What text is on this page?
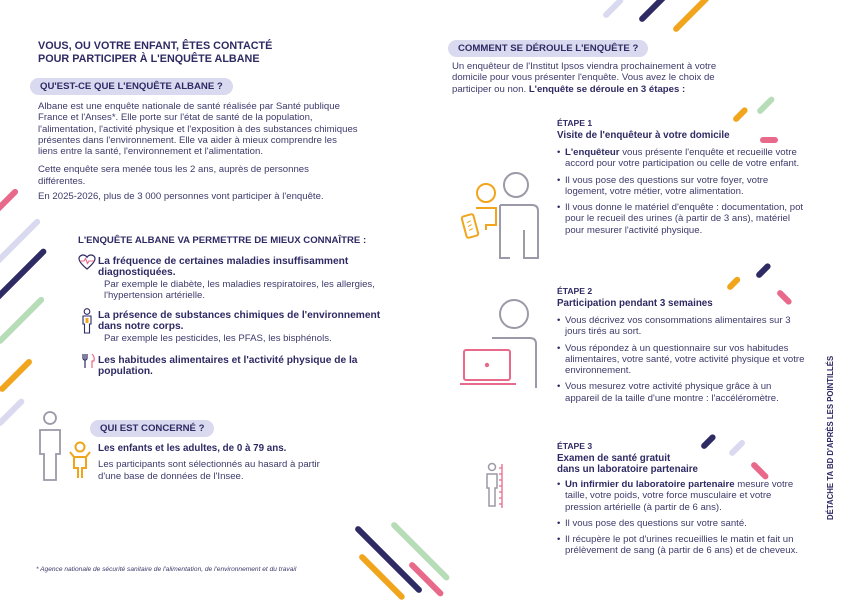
VOUS, OU VOTRE ENFANT, ÊTES CONTACTÉ
POUR PARTICIPER À L'ENQUÊTE ALBANE
QU'EST-CE QUE L'ENQUÊTE ALBANE ?
Albane est une enquête nationale de santé réalisée par Santé publique France et l'Anses*. Elle porte sur l'état de santé de la population, l'alimentation, l'activité physique et l'exposition à des substances chimiques présentes dans l'environnement. Elle va aider à mieux comprendre les liens entre la santé, l'environnement et l'alimentation.
Cette enquête sera menée tous les 2 ans, auprès de personnes différentes.
En 2025-2026, plus de 3 000 personnes vont participer à l'enquête.
L'ENQUÊTE ALBANE VA PERMETTRE DE MIEUX CONNAÎTRE :
La fréquence de certaines maladies insuffisamment diagnostiquées.
Par exemple le diabète, les maladies respiratoires, les allergies, l'hypertension artérielle.
La présence de substances chimiques de l'environnement dans notre corps.
Par exemple les pesticides, les PFAS, les bisphénols.
Les habitudes alimentaires et l'activité physique de la population.
QUI EST CONCERNÉ ?
Les enfants et les adultes, de 0 à 79 ans.
Les participants sont sélectionnés au hasard à partir d'une base de données de l'Insee.
* Agence nationale de sécurité sanitaire de l'alimentation, de l'environnement et du travail
COMMENT SE DÉROULE L'ENQUÊTE ?
Un enquêteur de l'Institut Ipsos viendra prochainement à votre domicile pour vous présenter l'enquête. Vous avez le choix de participer ou non. L'enquête se déroule en 3 étapes :
ÉTAPE 1
Visite de l'enquêteur à votre domicile
• L'enquêteur vous présente l'enquête et recueille votre accord pour votre participation ou celle de votre enfant.
• Il vous pose des questions sur votre foyer, votre logement, votre métier, votre alimentation.
• Il vous donne le matériel d'enquête : documentation, pot pour le recueil des urines (à partir de 3 ans), matériel pour mesurer l'activité physique.
ÉTAPE 2
Participation pendant 3 semaines
• Vous décrivez vos consommations alimentaires sur 3 jours tirés au sort.
• Vous répondez à un questionnaire sur vos habitudes alimentaires, votre santé, votre activité physique et votre environnement.
• Vous mesurez votre activité physique grâce à un appareil de la taille d'une montre : l'accéléromètre.
ÉTAPE 3
Examen de santé gratuit
dans un laboratoire partenaire
• Un infirmier du laboratoire partenaire mesure votre taille, votre poids, votre force musculaire et votre pression artérielle (à partir de 6 ans).
• Il vous pose des questions sur votre santé.
• Il récupère le pot d'urines recueillies le matin et fait un prélèvement de sang (à partir de 6 ans) et de cheveux.
DÉTACHE TA BD D'APRÈS LES POINTILLÉS
